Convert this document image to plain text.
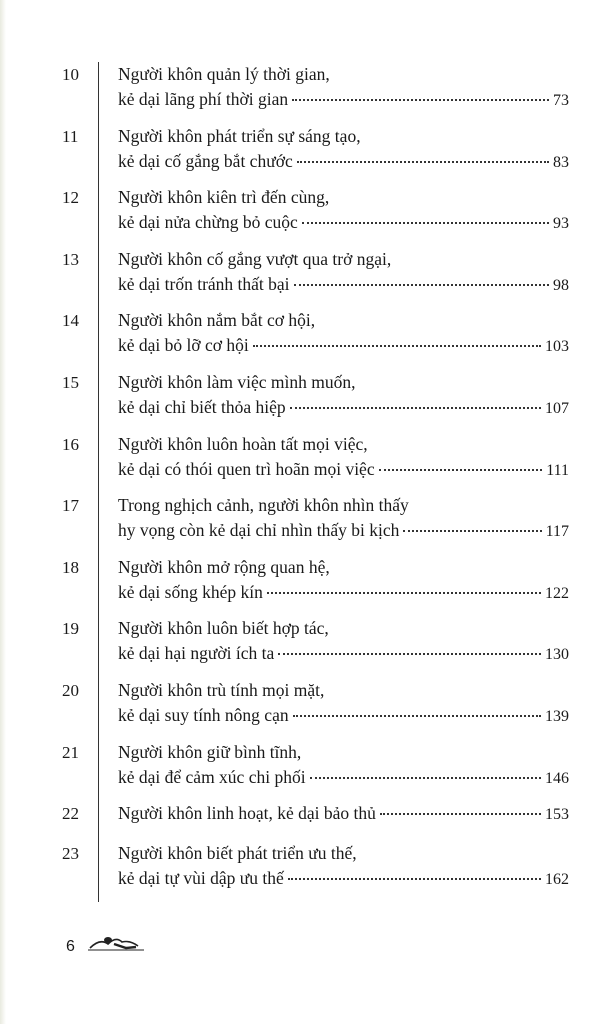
10	Người khôn quản lý thời gian,
kẻ dại lãng phí thời gian	73
11	Người khôn phát triển sự sáng tạo,
kẻ dại cố gắng bắt chước	83
12	Người khôn kiên trì đến cùng,
kẻ dại nửa chừng bỏ cuộc	93
13	Người khôn cố gắng vượt qua trở ngại,
kẻ dại trốn tránh thất bại	98
14	Người khôn nắm bắt cơ hội,
kẻ dại bỏ lỡ cơ hội	103
15	Người khôn làm việc mình muốn,
kẻ dại chỉ biết thỏa hiệp	107
16	Người khôn luôn hoàn tất mọi việc,
kẻ dại có thói quen trì hoãn mọi việc	111
17	Trong nghịch cảnh, người khôn nhìn thấy
hy vọng còn kẻ dại chỉ nhìn thấy bi kịch	117
18	Người khôn mở rộng quan hệ,
kẻ dại sống khép kín	122
19	Người khôn luôn biết hợp tác,
kẻ dại hại người ích ta	130
20	Người khôn trù tính mọi mặt,
kẻ dại suy tính nông cạn	139
21	Người khôn giữ bình tĩnh,
kẻ dại để cảm xúc chi phối	146
22	Người khôn linh hoạt, kẻ dại bảo thủ	153
23	Người khôn biết phát triển ưu thế,
kẻ dại tự vùi dập ưu thế	162
6
